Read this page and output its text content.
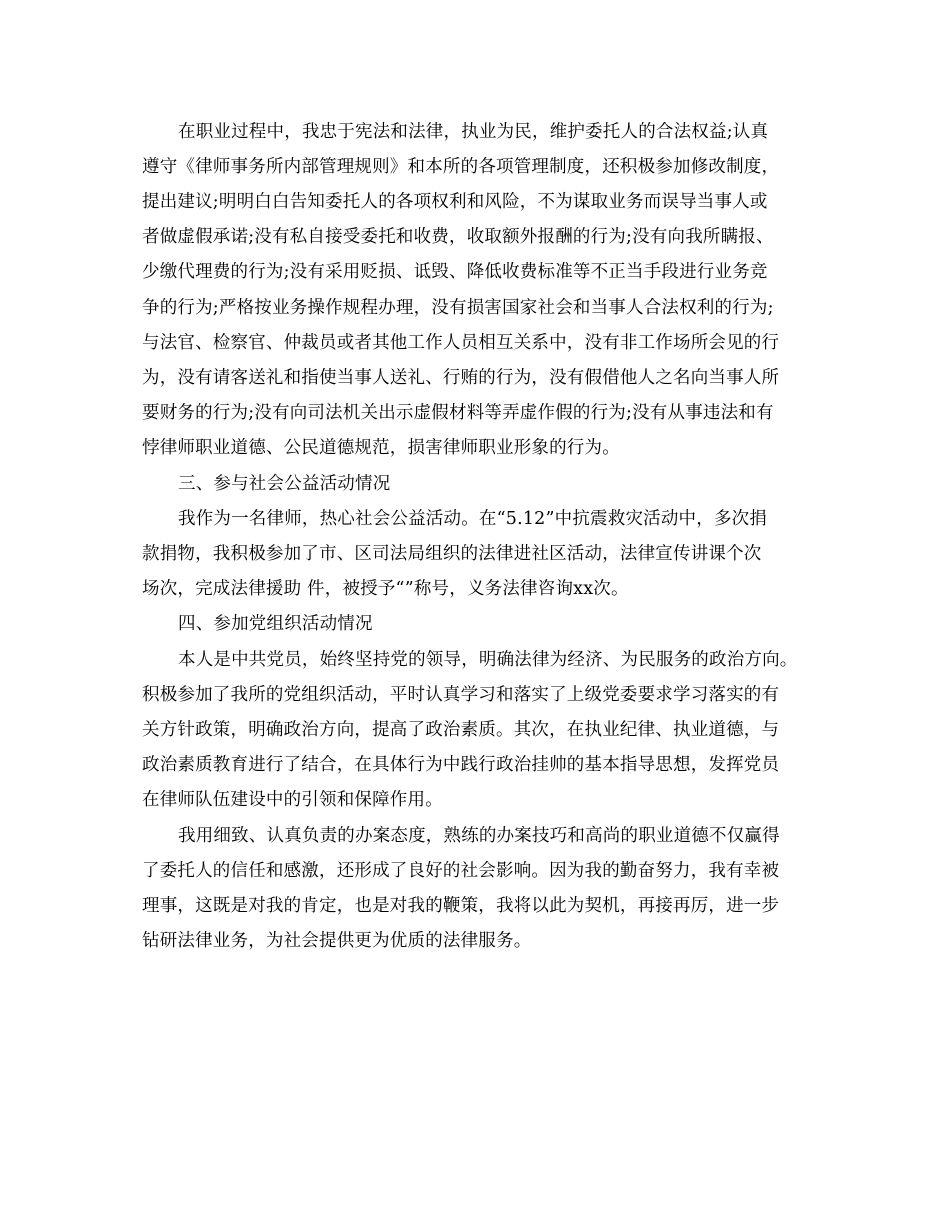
在职业过程中，我忠于宪法和法律，执业为民，维护委托人的合法权益;认真
遵守《律师事务所内部管理规则》和本所的各项管理制度，还积极参加修改制度，
提出建议;明明白白告知委托人的各项权利和风险，不为谋取业务而误导当事人或
者做虚假承诺;没有私自接受委托和收费，收取额外报酬的行为;没有向我所瞒报、
少缴代理费的行为;没有采用贬损、诋毁、降低收费标准等不正当手段进行业务竞
争的行为;严格按业务操作规程办理，没有损害国家社会和当事人合法权利的行为;
与法官、检察官、仲裁员或者其他工作人员相互关系中，没有非工作场所会见的行
为，没有请客送礼和指使当事人送礼、行贿的行为，没有假借他人之名向当事人所
要财务的行为;没有向司法机关出示虚假材料等弄虚作假的行为;没有从事违法和有
悖律师职业道德、公民道德规范，损害律师职业形象的行为。
三、参与社会公益活动情况
我作为一名律师，热心社会公益活动。在“5.12”中抗震救灾活动中，多次捐
款捐物，我积极参加了市、区司法局组织的法律进社区活动，法律宣传讲课个次
场次，完成法律援助 件，被授予“”称号，义务法律咨询xx次。
四、参加党组织活动情况
本人是中共党员，始终坚持党的领导，明确法律为经济、为民服务的政治方向。
积极参加了我所的党组织活动，平时认真学习和落实了上级党委要求学习落实的有
关方针政策，明确政治方向，提高了政治素质。其次，在执业纪律、执业道德，与
政治素质教育进行了结合，在具体行为中践行政治挂帅的基本指导思想，发挥党员
在律师队伍建设中的引领和保障作用。
我用细致、认真负责的办案态度，熟练的办案技巧和高尚的职业道德不仅赢得
了委托人的信任和感激，还形成了良好的社会影响。因为我的勤奋努力，我有幸被
理事，这既是对我的肯定，也是对我的鞭策，我将以此为契机，再接再厉，进一步
钻研法律业务，为社会提供更为优质的法律服务。
